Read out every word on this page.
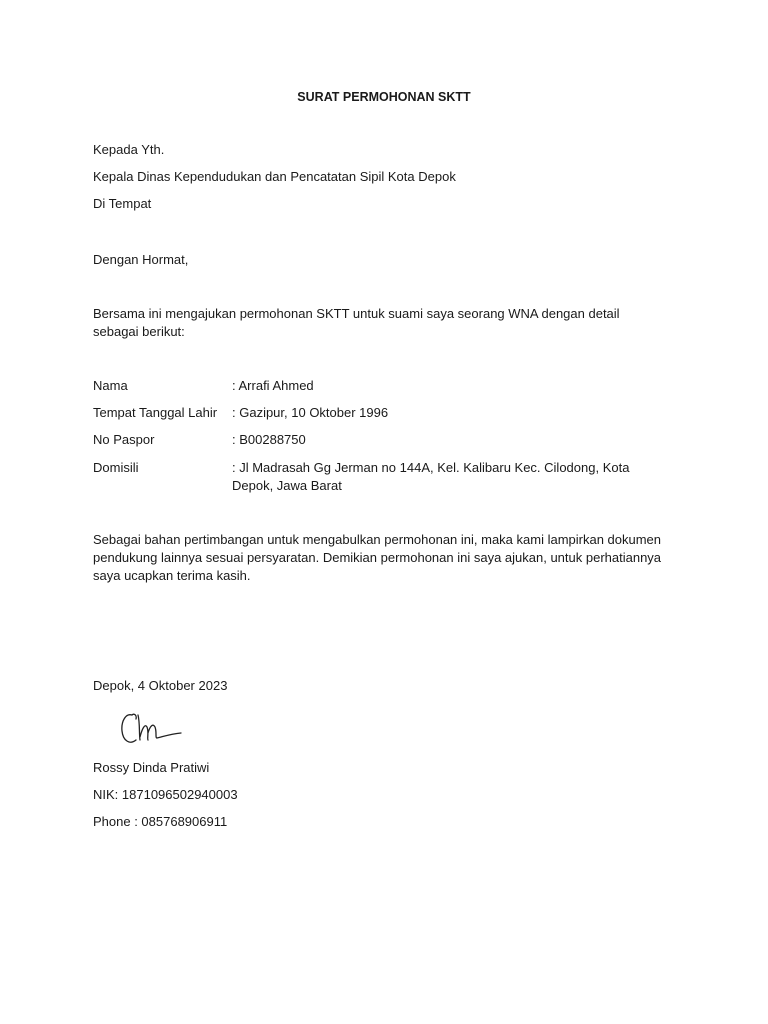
SURAT PERMOHONAN SKTT
Kepada Yth.
Kepala Dinas Kependudukan dan Pencatatan Sipil Kota Depok
Di Tempat
Dengan Hormat,
Bersama ini mengajukan permohonan SKTT untuk suami saya seorang WNA dengan detail sebagai berikut:
Nama	: Arrafi Ahmed
Tempat Tanggal Lahir : Gazipur, 10 Oktober 1996
No Paspor	: B00288750
Domisili	: Jl Madrasah Gg Jerman no 144A, Kel. Kalibaru Kec. Cilodong, Kota Depok, Jawa Barat
Sebagai bahan pertimbangan untuk mengabulkan permohonan ini, maka kami lampirkan dokumen pendukung lainnya sesuai persyaratan. Demikian permohonan ini saya ajukan, untuk perhatiannya saya ucapkan terima kasih.
Depok, 4 Oktober 2023
Rossy Dinda Pratiwi
NIK: 1871096502940003
Phone : 085768906911
